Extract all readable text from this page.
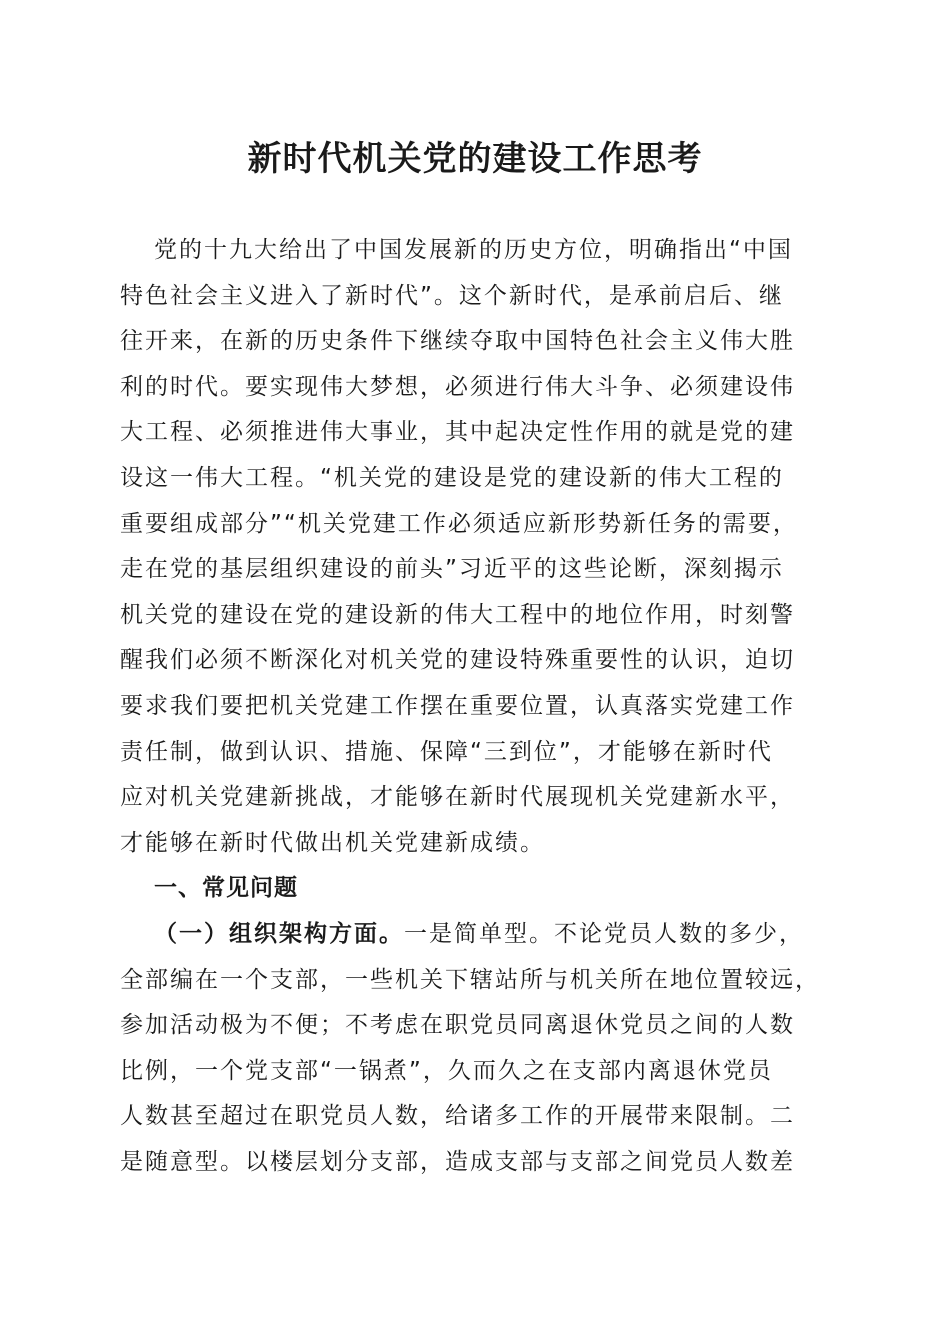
新时代机关党的建设工作思考
党的十九大给出了中国发展新的历史方位，明确指出“中国
特色社会主义进入了新时代”。这个新时代，是承前启后、继
往开来，在新的历史条件下继续夺取中国特色社会主义伟大胜
利的时代。要实现伟大梦想，必须进行伟大斗争、必须建设伟
大工程、必须推进伟大事业，其中起决定性作用的就是党的建
设这一伟大工程。“机关党的建设是党的建设新的伟大工程的
重要组成部分”“机关党建工作必须适应新形势新任务的需要，
走在党的基层组织建设的前头”习近平的这些论断，深刻揭示
机关党的建设在党的建设新的伟大工程中的地位作用，时刻警
醒我们必须不断深化对机关党的建设特殊重要性的认识，迫切
要求我们要把机关党建工作摆在重要位置，认真落实党建工作
责任制，做到认识、措施、保障“三到位”，才能够在新时代
应对机关党建新挑战，才能够在新时代展现机关党建新水平，
才能够在新时代做出机关党建新成绩。
一、常见问题
（一）组织架构方面。一是简单型。不论党员人数的多少，
全部编在一个支部，一些机关下辖站所与机关所在地位置较远，
参加活动极为不便；不考虑在职党员同离退休党员之间的人数
比例，一个党支部“一锅煮”，久而久之在支部内离退休党员
人数甚至超过在职党员人数，给诸多工作的开展带来限制。二
是随意型。以楼层划分支部，造成支部与支部之间党员人数差
